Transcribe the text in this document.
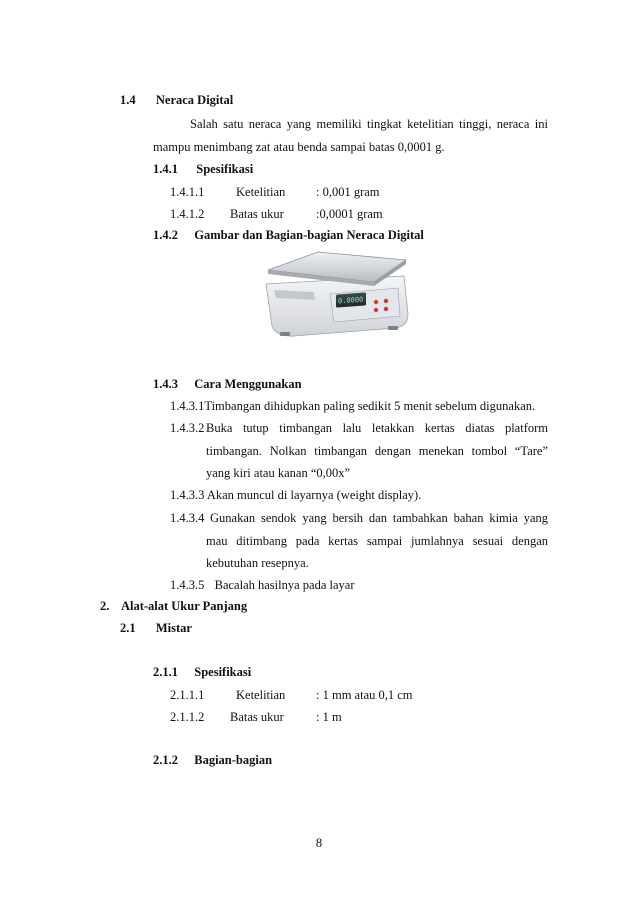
1.4 Neraca Digital
Salah satu neraca yang memiliki tingkat ketelitian tinggi, neraca ini
mampu menimbang zat atau benda sampai batas 0,0001 g.
1.4.1 Spesifikasi
1.4.1.1	Ketelitian : 0,001 gram
1.4.1.2 Batas ukur	:0,0001 gram
1.4.2 Gambar dan Bagian-bagian Neraca Digital
0.0000
1.4.3 Cara Menggunakan
1.4.3.1Timbangan dihidupkan paling sedikit 5 menit sebelum digunakan.
1.4.3.2 Buka tutup timbangan lalu letakkan kertas diatas platform
timbangan. Nolkan timbangan dengan menekan tombol “Tare”
yang kiri atau kanan “0,00x”
1.4.3.3 Akan muncul di layarnya (weight display).
1.4.3.4 Gunakan sendok yang bersih dan tambahkan bahan kimia yang
mau ditimbang pada kertas sampai jumlahnya sesuai dengan
kebutuhan resepnya.
1.4.3.5 Bacalah hasilnya pada layar
2. Alat-alat Ukur Panjang
2.1 Mistar
2.1.1 Spesifikasi
2.1.1.1	Ketelitian : 1 mm atau 0,1 cm
2.1.1.2 Batas ukur	: 1 m
2.1.2 Bagian-bagian
8
